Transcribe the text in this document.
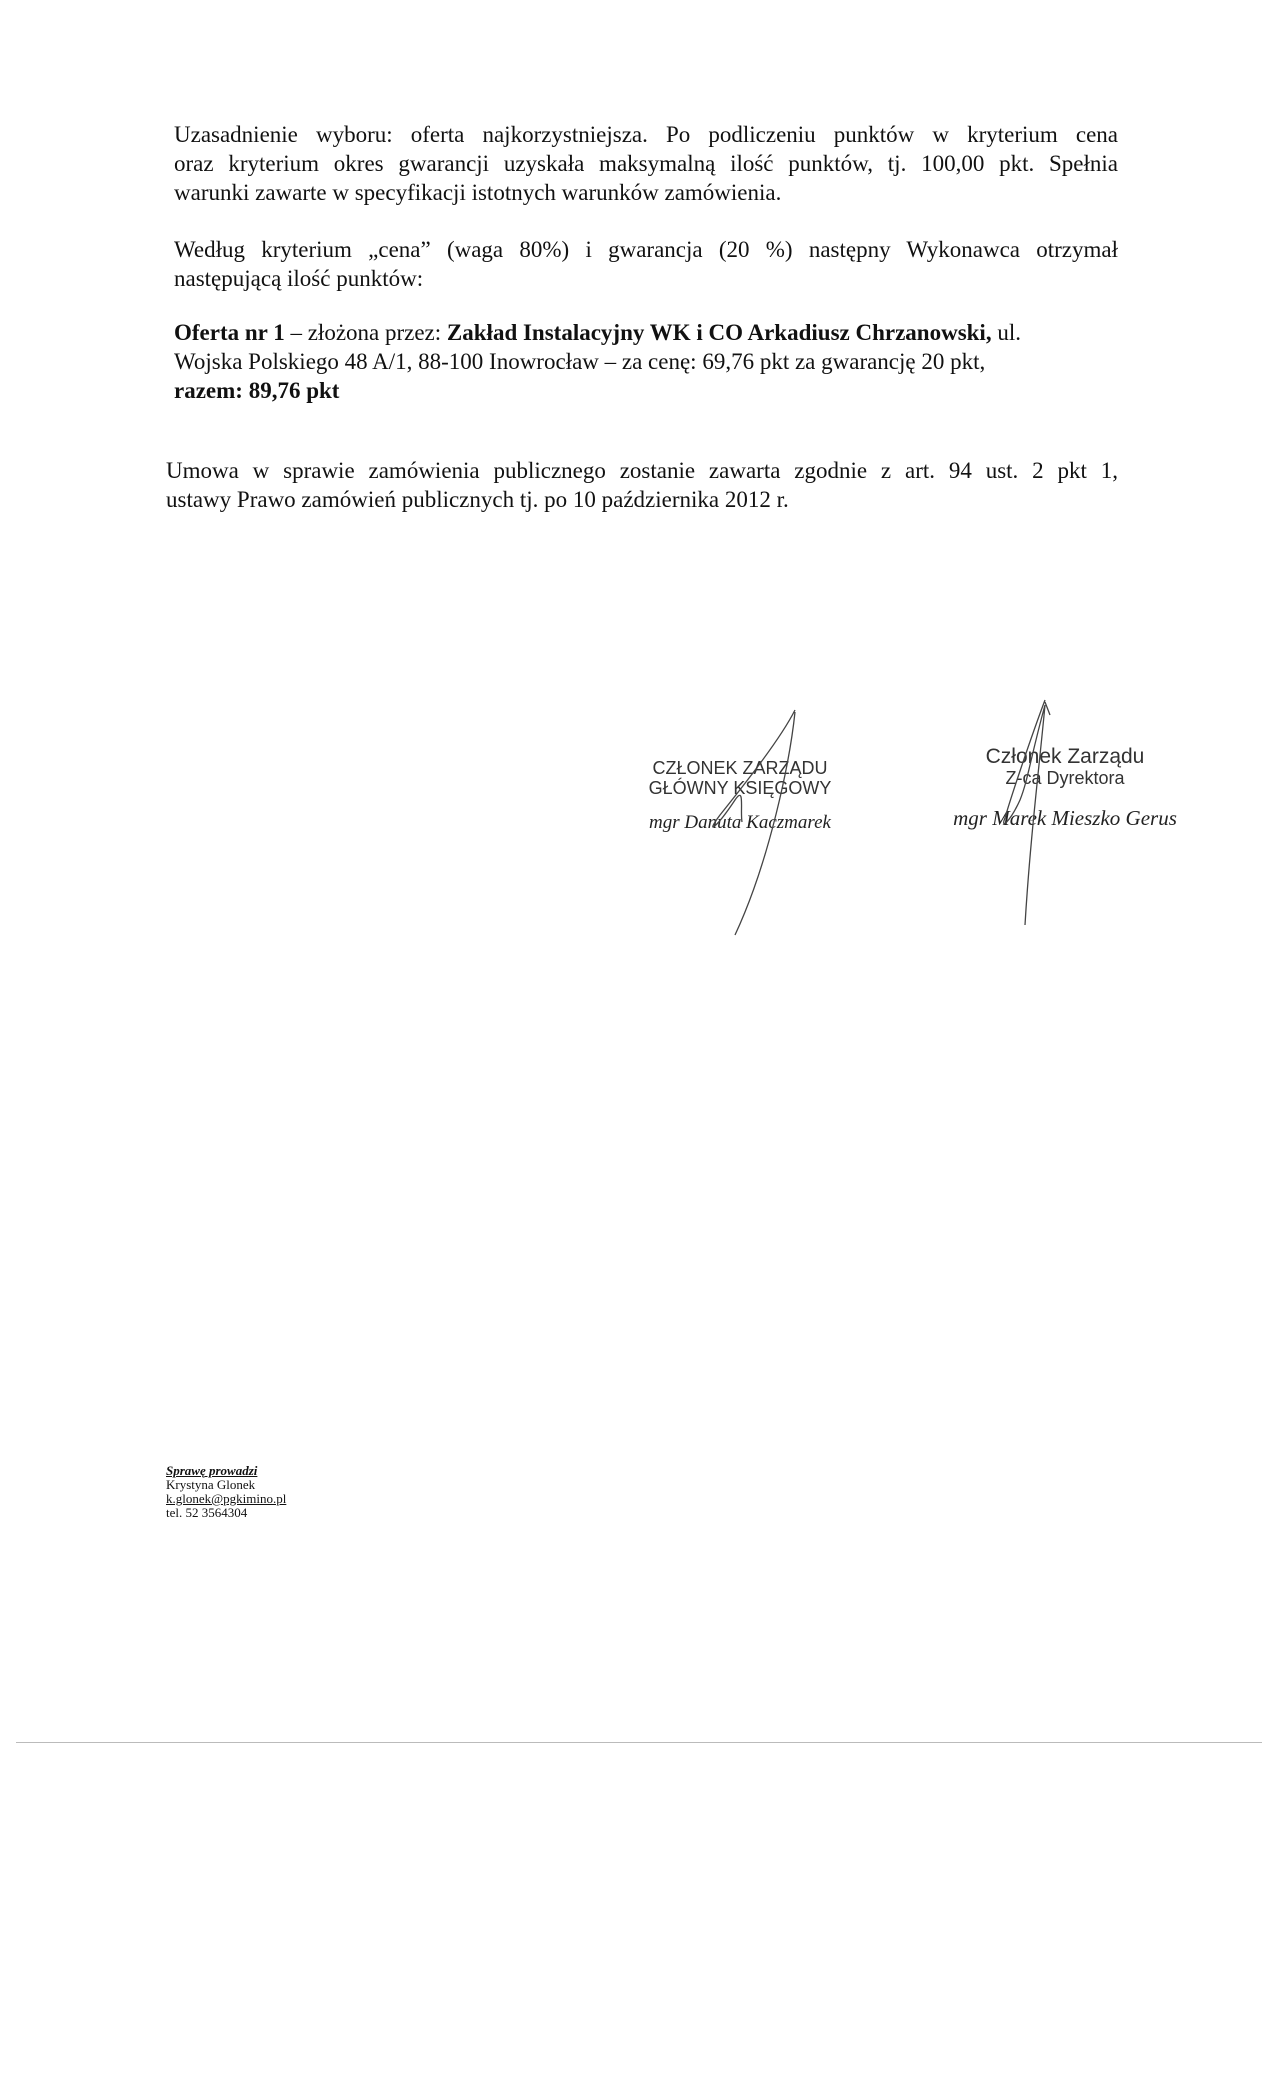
Uzasadnienie wyboru: oferta najkorzystniejsza. Po podliczeniu punktów w kryterium cena
oraz kryterium okres gwarancji uzyskała maksymalną ilość punktów, tj. 100,00 pkt. Spełnia
warunki zawarte w specyfikacji istotnych warunków zamówienia.
Według kryterium „cena” (waga 80%) i gwarancja (20 %) następny Wykonawca otrzymał
następującą ilość punktów:
Oferta nr 1 – złożona przez: Zakład Instalacyjny WK i CO Arkadiusz Chrzanowski, ul.
Wojska Polskiego 48 A/1, 88-100 Inowrocław – za cenę: 69,76 pkt za gwarancję 20 pkt,
razem: 89,76 pkt
Umowa w sprawie zamówienia publicznego zostanie zawarta zgodnie z art. 94 ust. 2 pkt 1,
ustawy Prawo zamówień publicznych tj. po 10 października 2012 r.
CZŁONEK ZARZĄDU
GŁÓWNY KSIĘGOWY
mgr Danuta Kaczmarek
Członek Zarządu
Z-ca Dyrektora
mgr Marek Mieszko Gerus
Sprawę prowadzi
Krystyna Glonek
k.glonek@pgkimino.pl
tel. 52 3564304
